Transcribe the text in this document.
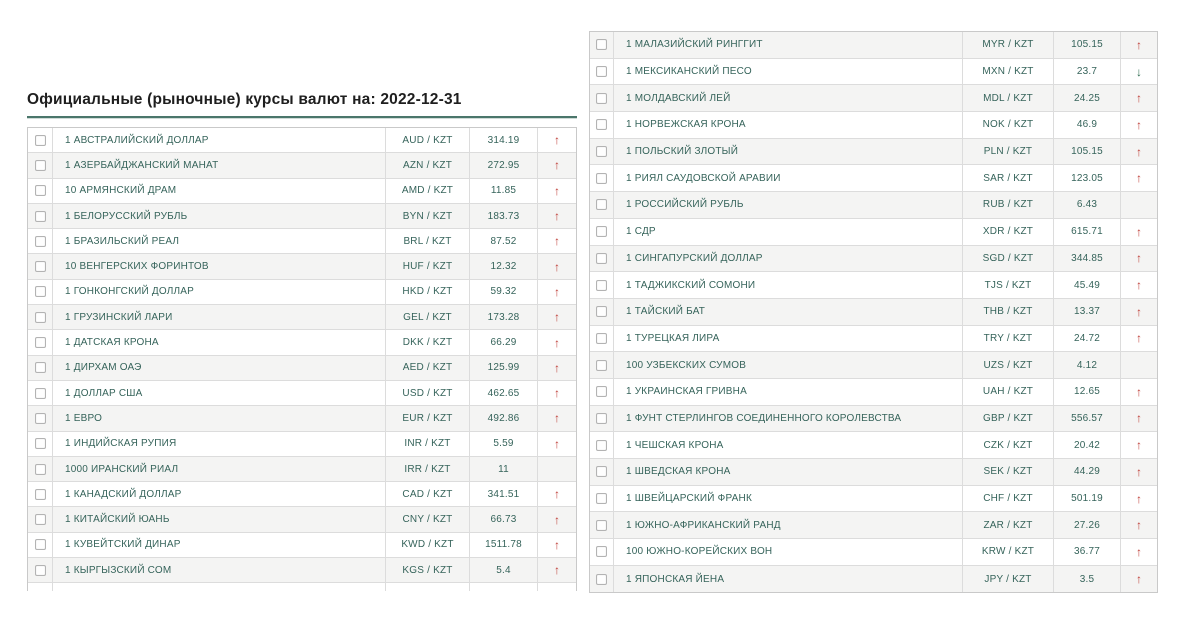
Официальные (рыночные) курсы валют на: 2022-12-31
1 АВСТРАЛИЙСКИЙ ДОЛЛАР	AUD / KZT	314.19	↑
1 АЗЕРБАЙДЖАНСКИЙ МАНАТ	AZN / KZT	272.95	↑
10 АРМЯНСКИЙ ДРАМ	AMD / KZT	11.85	↑
1 БЕЛОРУССКИЙ РУБЛЬ	BYN / KZT	183.73	↑
1 БРАЗИЛЬСКИЙ РЕАЛ	BRL / KZT	87.52	↑
10 ВЕНГЕРСКИХ ФОРИНТОВ	HUF / KZT	12.32	↑
1 ГОНКОНГСКИЙ ДОЛЛАР	HKD / KZT	59.32	↑
1 ГРУЗИНСКИЙ ЛАРИ	GEL / KZT	173.28	↑
1 ДАТСКАЯ КРОНА	DKK / KZT	66.29	↑
1 ДИРХАМ ОАЭ	AED / KZT	125.99	↑
1 ДОЛЛАР США	USD / KZT	462.65	↑
1 ЕВРО	EUR / KZT	492.86	↑
1 ИНДИЙСКАЯ РУПИЯ	INR / KZT	5.59	↑
1000 ИРАНСКИЙ РИАЛ	IRR / KZT	11
1 КАНАДСКИЙ ДОЛЛАР	CAD / KZT	341.51	↑
1 КИТАЙСКИЙ ЮАНЬ	CNY / KZT	66.73	↑
1 КУВЕЙТСКИЙ ДИНАР	KWD / KZT	1511.78	↑
1 КЫРГЫЗСКИЙ СОМ	KGS / KZT	5.4	↑
1 МАЛАЗИЙСКИЙ РИНГГИТ	MYR / KZT	105.15	↑
1 МЕКСИКАНСКИЙ ПЕСО	MXN / KZT	23.7	↓
1 МОЛДАВСКИЙ ЛЕЙ	MDL / KZT	24.25	↑
1 НОРВЕЖСКАЯ КРОНА	NOK / KZT	46.9	↑
1 ПОЛЬСКИЙ ЗЛОТЫЙ	PLN / KZT	105.15	↑
1 РИЯЛ САУДОВСКОЙ АРАВИИ	SAR / KZT	123.05	↑
1 РОССИЙСКИЙ РУБЛЬ	RUB / KZT	6.43
1 СДР	XDR / KZT	615.71	↑
1 СИНГАПУРСКИЙ ДОЛЛАР	SGD / KZT	344.85	↑
1 ТАДЖИКСКИЙ СОМОНИ	TJS / KZT	45.49	↑
1 ТАЙСКИЙ БАТ	THB / KZT	13.37	↑
1 ТУРЕЦКАЯ ЛИРА	TRY / KZT	24.72	↑
100 УЗБЕКСКИХ СУМОВ	UZS / KZT	4.12
1 УКРАИНСКАЯ ГРИВНА	UAH / KZT	12.65	↑
1 ФУНТ СТЕРЛИНГОВ СОЕДИНЕННОГО КОРОЛЕВСТВА	GBP / KZT	556.57	↑
1 ЧЕШСКАЯ КРОНА	CZK / KZT	20.42	↑
1 ШВЕДСКАЯ КРОНА	SEK / KZT	44.29	↑
1 ШВЕЙЦАРСКИЙ ФРАНК	CHF / KZT	501.19	↑
1 ЮЖНО-АФРИКАНСКИЙ РАНД	ZAR / KZT	27.26	↑
100 ЮЖНО-КОРЕЙСКИХ ВОН	KRW / KZT	36.77	↑
1 ЯПОНСКАЯ ЙЕНА	JPY / KZT	3.5	↑
